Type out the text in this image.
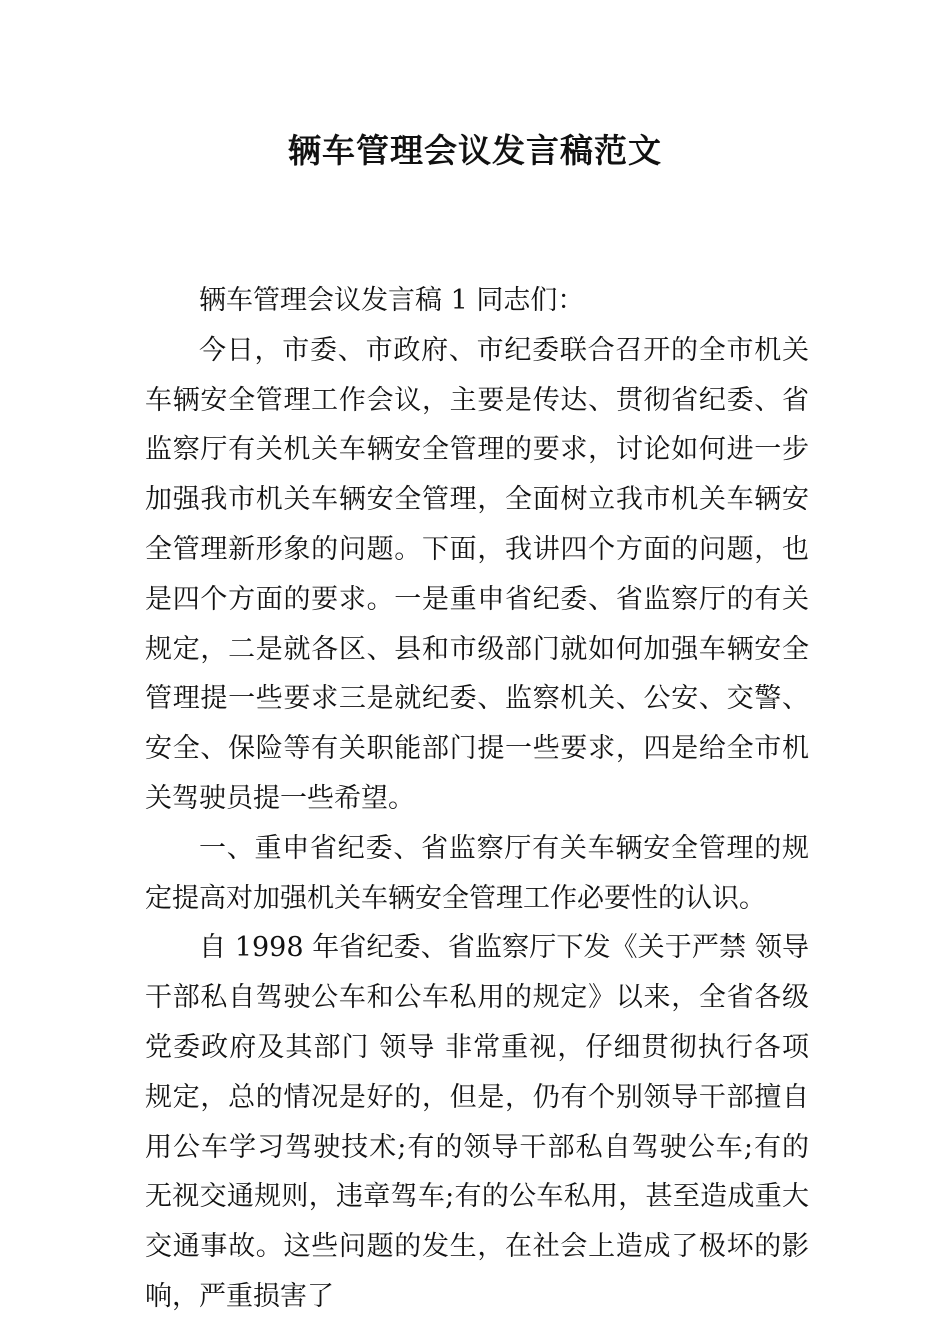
辆车管理会议发言稿范文

辆车管理会议发言稿 1 同志们：

今日，市委、市政府、市纪委联合召开的全市机关车辆安全管理工作会议，主要是传达、贯彻省纪委、省监察厅有关机关车辆安全管理的要求，讨论如何进一步加强我市机关车辆安全管理，全面树立我市机关车辆安全管理新形象的问题。下面，我讲四个方面的问题，也是四个方面的要求。一是重申省纪委、省监察厅的有关规定，二是就各区、县和市级部门就如何加强车辆安全管理提一些要求三是就纪委、监察机关、公安、交警、安全、保险等有关职能部门提一些要求，四是给全市机关驾驶员提一些希望。

一、重申省纪委、省监察厅有关车辆安全管理的规定提高对加强机关车辆安全管理工作必要性的认识。

自 1998 年省纪委、省监察厅下发《关于严禁 领导 干部私自驾驶公车和公车私用的规定》以来，全省各级党委政府及其部门 领导 非常重视，仔细贯彻执行各项规定，总的情况是好的，但是，仍有个别领导干部擅自用公车学习驾驶技术;有的领导干部私自驾驶公车;有的无视交通规则，违章驾车;有的公车私用，甚至造成重大交通事故。这些问题的发生，在社会上造成了极坏的影响，严重损害了
